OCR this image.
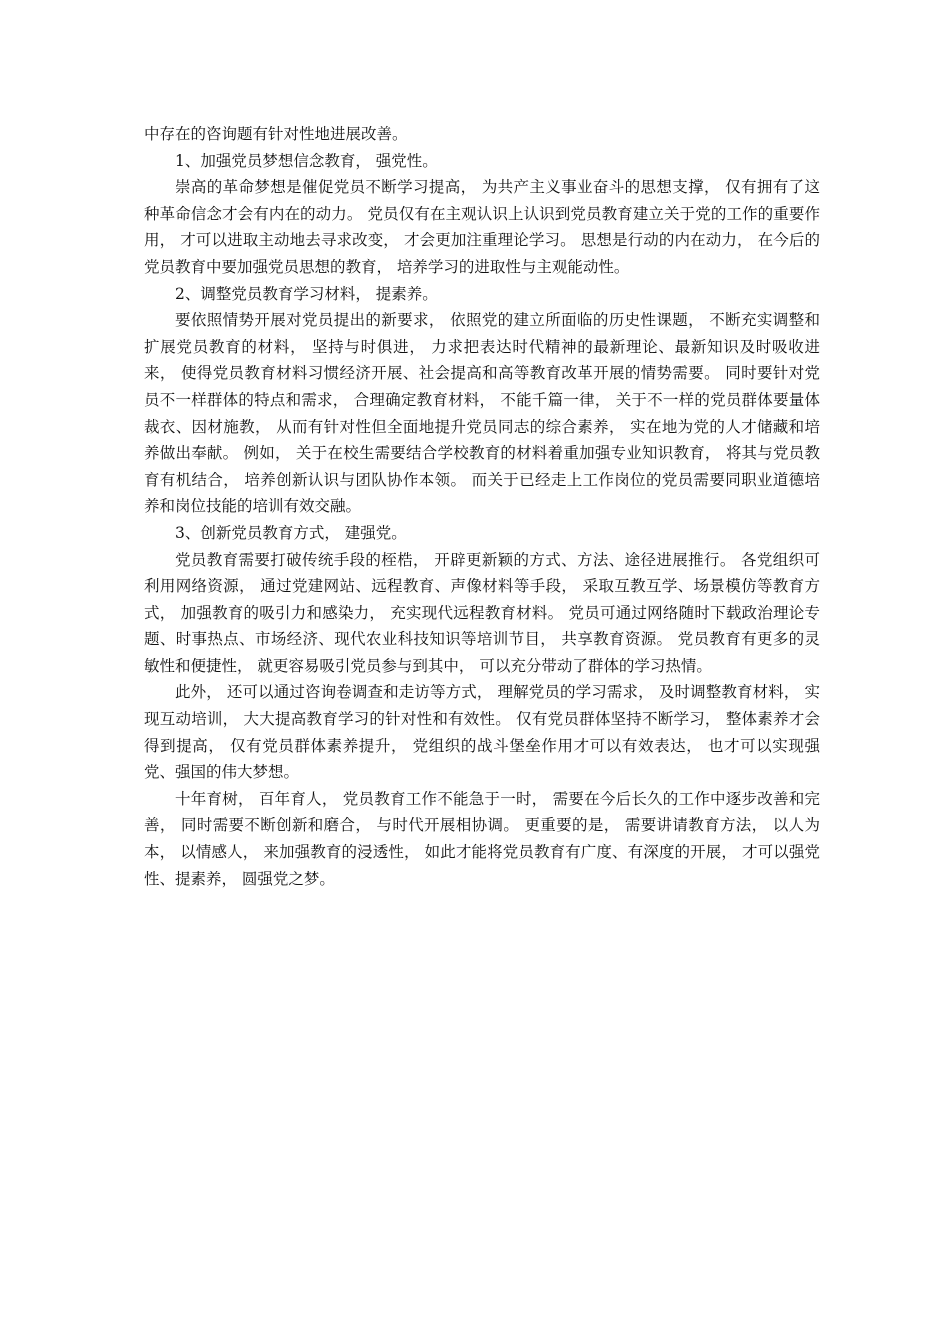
中存在的咨询题有针对性地进展改善。

1、加强党员梦想信念教育， 强党性。

崇高的革命梦想是催促党员不断学习提高， 为共产主义事业奋斗的思想支撑， 仅有拥有了这种革命信念才会有内在的动力。 党员仅有在主观认识上认识到党员教育建立关于党的工作的重要作用， 才可以进取主动地去寻求改变， 才会更加注重理论学习。 思想是行动的内在动力， 在今后的党员教育中要加强党员思想的教育， 培养学习的进取性与主观能动性。

2、调整党员教育学习材料， 提素养。

要依照情势开展对党员提出的新要求， 依照党的建立所面临的历史性课题， 不断充实调整和扩展党员教育的材料， 坚持与时俱进， 力求把表达时代精神的最新理论、最新知识及时吸收进来， 使得党员教育材料习惯经济开展、社会提高和高等教育改革开展的情势需要。 同时要针对党员不一样群体的特点和需求， 合理确定教育材料， 不能千篇一律， 关于不一样的党员群体要量体裁衣、因材施教， 从而有针对性但全面地提升党员同志的综合素养， 实在地为党的人才储藏和培养做出奉献。 例如， 关于在校生需要结合学校教育的材料着重加强专业知识教育， 将其与党员教育有机结合， 培养创新认识与团队协作本领。 而关于已经走上工作岗位的党员需要同职业道德培养和岗位技能的培训有效交融。

3、创新党员教育方式， 建强党。

党员教育需要打破传统手段的桎梏， 开辟更新颖的方式、方法、途径进展推行。 各党组织可利用网络资源， 通过党建网站、远程教育、声像材料等手段， 采取互教互学、场景模仿等教育方式， 加强教育的吸引力和感染力， 充实现代远程教育材料。 党员可通过网络随时下载政治理论专题、时事热点、市场经济、现代农业科技知识等培训节目， 共享教育资源。 党员教育有更多的灵敏性和便捷性， 就更容易吸引党员参与到其中， 可以充分带动了群体的学习热情。

此外， 还可以通过咨询卷调查和走访等方式， 理解党员的学习需求， 及时调整教育材料， 实现互动培训， 大大提高教育学习的针对性和有效性。 仅有党员群体坚持不断学习， 整体素养才会得到提高， 仅有党员群体素养提升， 党组织的战斗堡垒作用才可以有效表达， 也才可以实现强党、强国的伟大梦想。

十年育树， 百年育人， 党员教育工作不能急于一时， 需要在今后长久的工作中逐步改善和完善， 同时需要不断创新和磨合， 与时代开展相协调。 更重要的是， 需要讲请教育方法， 以人为本， 以情感人， 来加强教育的浸透性， 如此才能将党员教育有广度、有深度的开展， 才可以强党性、提素养， 圆强党之梦。
